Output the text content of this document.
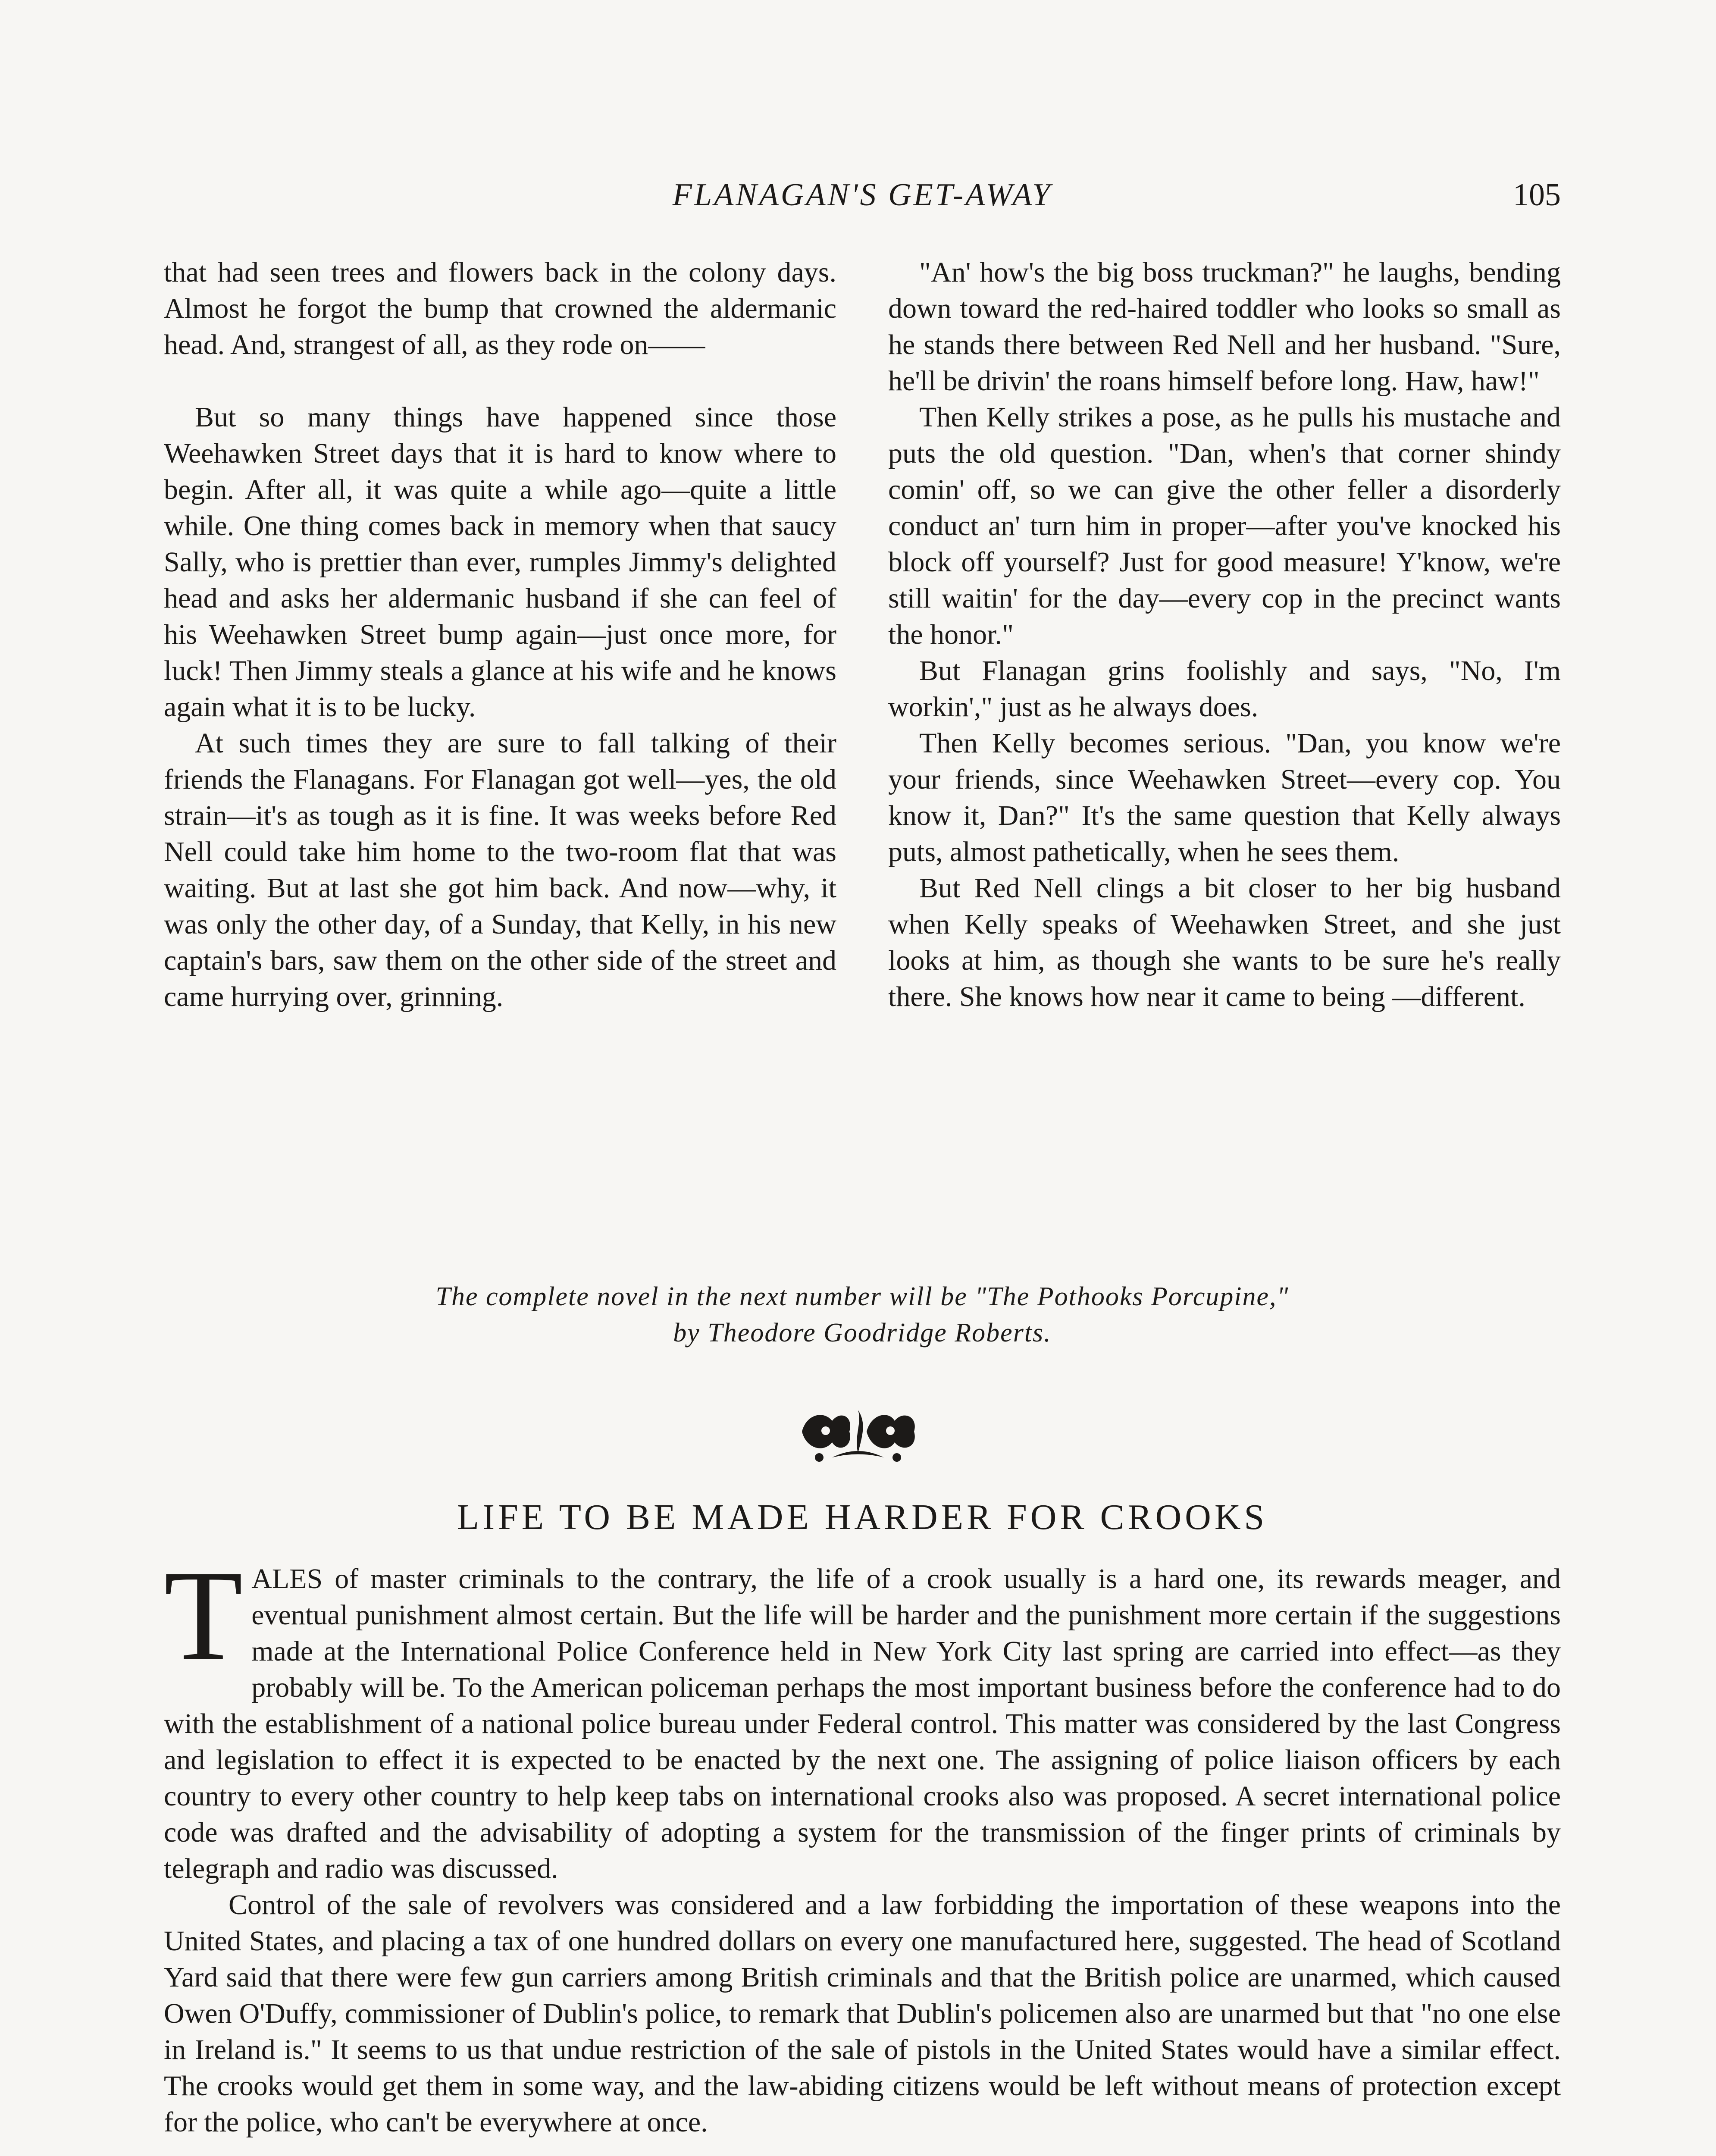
FLANAGAN'S GET-AWAY	105

that had seen trees and flowers back in the colony days. Almost he forgot the bump that crowned the aldermanic head. And, strangest of all, as they rode on——

But so many things have happened since those Weehawken Street days that it is hard to know where to begin. After all, it was quite a while ago—quite a little while. One thing comes back in memory when that saucy Sally, who is prettier than ever, rumples Jimmy's delighted head and asks her aldermanic husband if she can feel of his Weehawken Street bump again—just once more, for luck! Then Jimmy steals a glance at his wife and he knows again what it is to be lucky.

At such times they are sure to fall talking of their friends the Flanagans. For Flanagan got well—yes, the old strain—it's as tough as it is fine. It was weeks before Red Nell could take him home to the two-room flat that was waiting. But at last she got him back. And now—why, it was only the other day, of a Sunday, that Kelly, in his new captain's bars, saw them on the other side of the street and came hurrying over, grinning.

"An' how's the big boss truckman?" he laughs, bending down toward the red-haired toddler who looks so small as he stands there between Red Nell and her husband. "Sure, he'll be drivin' the roans himself before long. Haw, haw!"

Then Kelly strikes a pose, as he pulls his mustache and puts the old question. "Dan, when's that corner shindy comin' off, so we can give the other feller a disorderly conduct an' turn him in proper—after you've knocked his block off yourself? Just for good measure! Y'know, we're still waitin' for the day—every cop in the precinct wants the honor."

But Flanagan grins foolishly and says, "No, I'm workin'," just as he always does.

Then Kelly becomes serious. "Dan, you know we're your friends, since Weehawken Street—every cop. You know it, Dan?" It's the same question that Kelly always puts, almost pathetically, when he sees them.

But Red Nell clings a bit closer to her big husband when Kelly speaks of Weehawken Street, and she just looks at him, as though she wants to be sure he's really there. She knows how near it came to being —different.

The complete novel in the next number will be "The Pothooks Porcupine,"
by Theodore Goodridge Roberts.
LIFE TO BE MADE HARDER FOR CROOKS

TALES of master criminals to the contrary, the life of a crook usually is a hard one, its rewards meager, and eventual punishment almost certain. But the life will be harder and the punishment more certain if the suggestions made at the International Police Conference held in New York City last spring are carried into effect—as they probably will be. To the American policeman perhaps the most important business before the conference had to do with the establishment of a national police bureau under Federal control. This matter was considered by the last Congress and legislation to effect it is expected to be enacted by the next one. The assigning of police liaison officers by each country to every other country to help keep tabs on international crooks also was proposed. A secret international police code was drafted and the advisability of adopting a system for the transmission of the finger prints of criminals by telegraph and radio was discussed.

Control of the sale of revolvers was considered and a law forbidding the importation of these weapons into the United States, and placing a tax of one hundred dollars on every one manufactured here, suggested. The head of Scotland Yard said that there were few gun carriers among British criminals and that the British police are unarmed, which caused Owen O'Duffy, commissioner of Dublin's police, to remark that Dublin's policemen also are unarmed but that "no one else in Ireland is." It seems to us that undue restriction of the sale of pistols in the United States would have a similar effect. The crooks would get them in some way, and the law-abiding citizens would be left without means of protection except for the police, who can't be everywhere at once.
